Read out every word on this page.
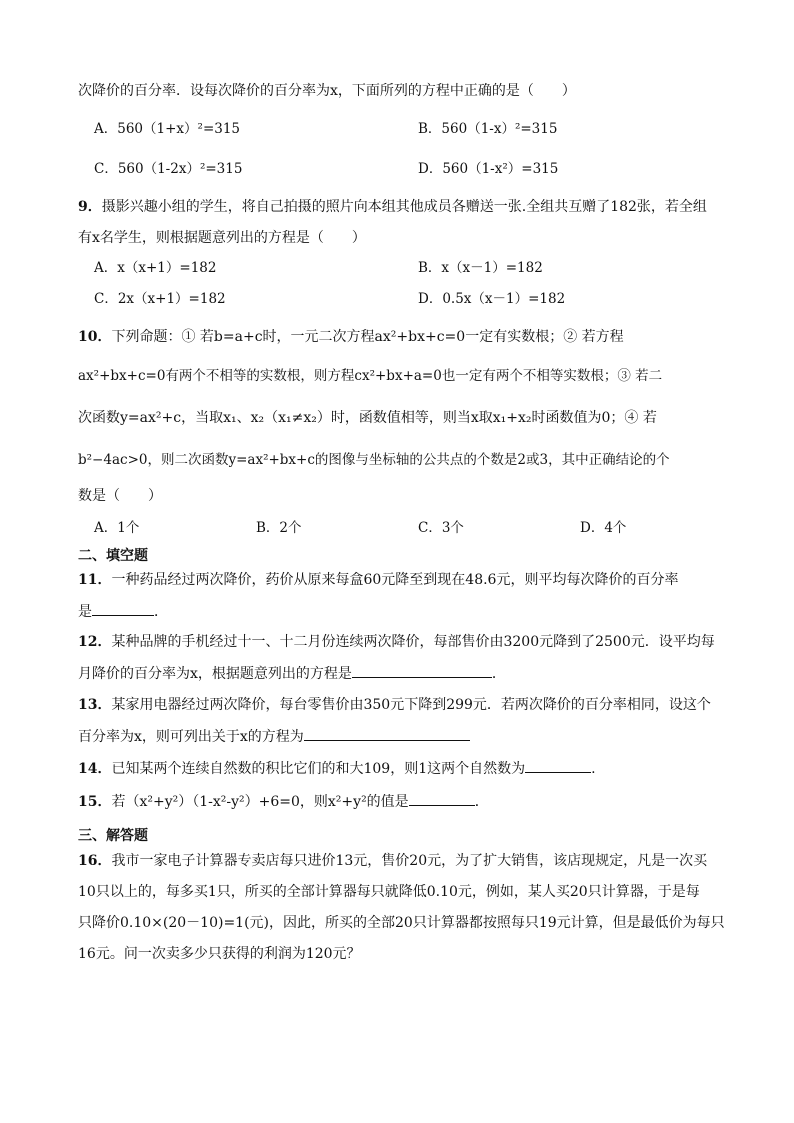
次降价的百分率．设每次降价的百分率为x，下面所列的方程中正确的是（　　）
A．560（1+x）²=315	B．560（1-x）²=315
C．560（1-2x）²=315	D．560（1-x²）=315
9．摄影兴趣小组的学生，将自己拍摄的照片向本组其他成员各赠送一张.全组共互赠了182张，若全组
有x名学生，则根据题意列出的方程是（　　）
A．x（x+1）=182	B．x（x－1）=182
C．2x（x+1）=182	D．0.5x（x－1）=182
10．下列命题：① 若b=a+c时，一元二次方程ax²+bx+c=0一定有实数根；② 若方程
ax²+bx+c=0有两个不相等的实数根，则方程cx²+bx+a=0也一定有两个不相等实数根；③ 若二
次函数y=ax²+c，当取x₁、x₂（x₁≠x₂）时，函数值相等，则当x取x₁+x₂时函数值为0；④ 若
b²−4ac>0，则二次函数y=ax²+bx+c的图像与坐标轴的公共点的个数是2或3，其中正确结论的个
数是（　　）
A．1个	B．2个	C．3个	D．4个
二、填空题
11．一种药品经过两次降价，药价从原来每盒60元降至到现在48.6元，则平均每次降价的百分率
是	．
12．某种品牌的手机经过十一、十二月份连续两次降价，每部售价由3200元降到了2500元．设平均每
月降价的百分率为x，根据题意列出的方程是	．
13．某家用电器经过两次降价，每台零售价由350元下降到299元．若两次降价的百分率相同，设这个
百分率为x，则可列出关于x的方程为
14．已知某两个连续自然数的积比它们的和大109，则1这两个自然数为	.
15．若（x²+y²）（1-x²-y²）+6=0，则x²+y²的值是	．
三、解答题
16．我市一家电子计算器专卖店每只进价13元，售价20元，为了扩大销售，该店现规定，凡是一次买
10只以上的，每多买1只，所买的全部计算器每只就降低0.10元，例如，某人买20只计算器，于是每
只降价0.10×(20－10)=1(元)，因此，所买的全部20只计算器都按照每只19元计算，但是最低价为每只
16元。问一次卖多少只获得的利润为120元？
